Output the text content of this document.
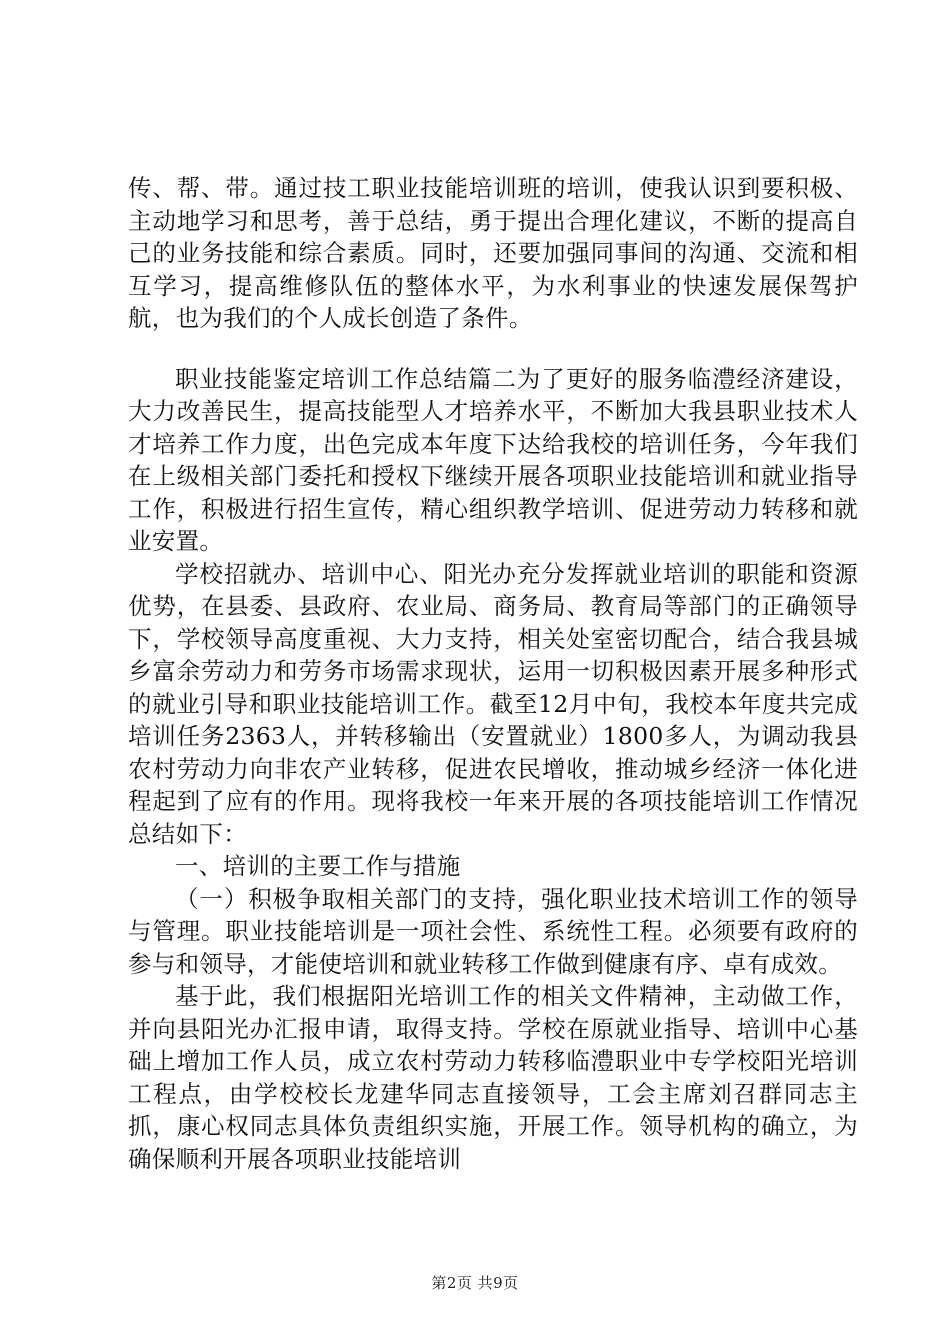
传、帮、带。通过技工职业技能培训班的培训，使我认识到要积极、主动地学习和思考，善于总结，勇于提出合理化建议，不断的提高自己的业务技能和综合素质。同时，还要加强同事间的沟通、交流和相互学习，提高维修队伍的整体水平，为水利事业的快速发展保驾护航，也为我们的个人成长创造了条件。

职业技能鉴定培训工作总结篇二为了更好的服务临澧经济建设，大力改善民生，提高技能型人才培养水平，不断加大我县职业技术人才培养工作力度，出色完成本年度下达给我校的培训任务，今年我们在上级相关部门委托和授权下继续开展各项职业技能培训和就业指导工作，积极进行招生宣传，精心组织教学培训、促进劳动力转移和就业安置。

学校招就办、培训中心、阳光办充分发挥就业培训的职能和资源优势，在县委、县政府、农业局、商务局、教育局等部门的正确领导下，学校领导高度重视、大力支持，相关处室密切配合，结合我县城乡富余劳动力和劳务市场需求现状，运用一切积极因素开展多种形式的就业引导和职业技能培训工作。截至12月中旬，我校本年度共完成培训任务2363人，并转移输出（安置就业）1800多人，为调动我县农村劳动力向非农产业转移，促进农民增收，推动城乡经济一体化进程起到了应有的作用。现将我校一年来开展的各项技能培训工作情况总结如下：

一、培训的主要工作与措施

（一）积极争取相关部门的支持，强化职业技术培训工作的领导与管理。职业技能培训是一项社会性、系统性工程。必须要有政府的参与和领导，才能使培训和就业转移工作做到健康有序、卓有成效。

基于此，我们根据阳光培训工作的相关文件精神，主动做工作，并向县阳光办汇报申请，取得支持。学校在原就业指导、培训中心基础上增加工作人员，成立农村劳动力转移临澧职业中专学校阳光培训工程点，由学校校长龙建华同志直接领导，工会主席刘召群同志主抓，康心权同志具体负责组织实施，开展工作。领导机构的确立，为确保顺利开展各项职业技能培训

第2页 共9页
